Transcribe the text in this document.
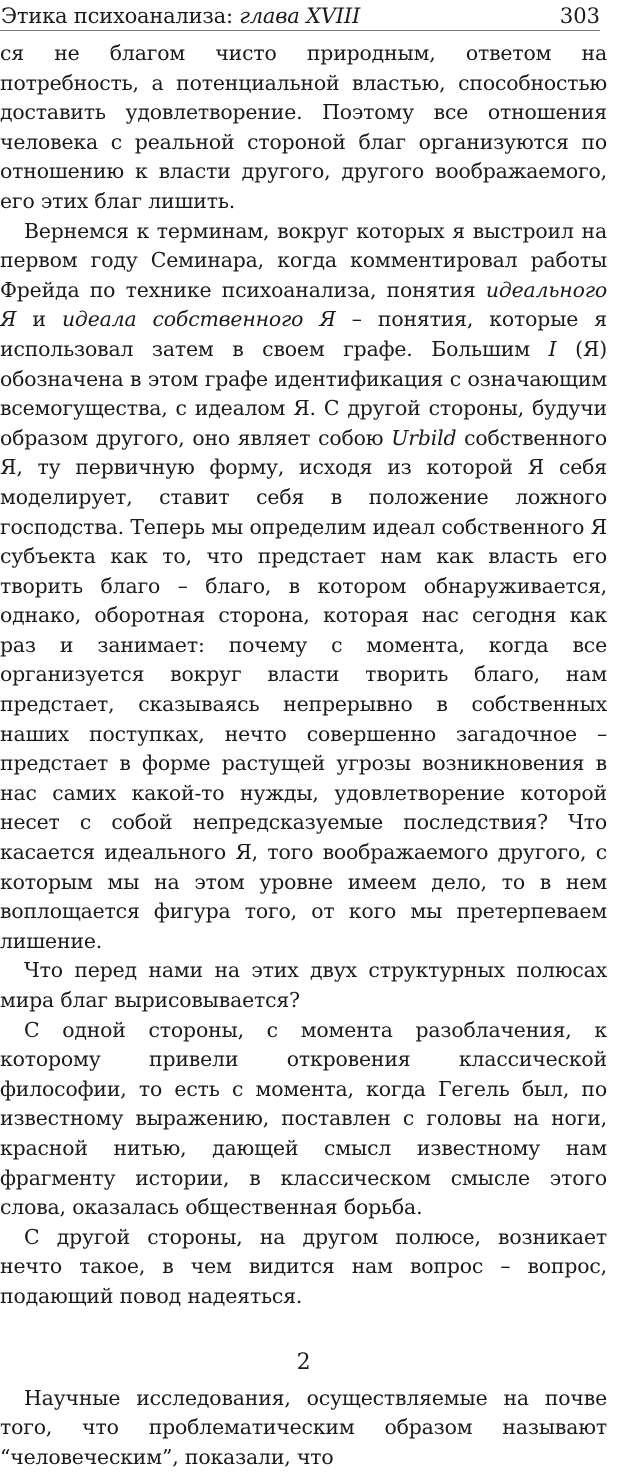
Этика психоанализа: глава XVIII	303

ся не благом чисто природным, ответом на потребность, а потенциальной властью, способностью доставить удовлетворение. Поэтому все отношения человека с реальной стороной благ организуются по отношению к власти другого, другого воображаемого, его этих благ лишить.

Вернемся к терминам, вокруг которых я выстроил на первом году Семинара, когда комментировал работы Фрейда по технике психоанализа, понятия идеального Я и идеала собственного Я – понятия, которые я использовал затем в своем графе. Большим I (Я) обозначена в этом графе идентификация с означающим всемогущества, с идеалом Я. С другой стороны, будучи образом другого, оно являет собою Urbild собственного Я, ту первичную форму, исходя из которой Я себя моделирует, ставит себя в положение ложного господства. Теперь мы определим идеал собственного Я субъекта как то, что предстает нам как власть его творить благо – благо, в котором обнаруживается, однако, оборотная сторона, которая нас сегодня как раз и занимает: почему с момента, когда все организуется вокруг власти творить благо, нам предстает, сказываясь непрерывно в собственных наших поступках, нечто совершенно загадочное – предстает в форме растущей угрозы возникновения в нас самих какой-то нужды, удовлетворение которой несет с собой непредсказуемые последствия? Что касается идеального Я, того воображаемого другого, с которым мы на этом уровне имеем дело, то в нем воплощается фигура того, от кого мы претерпеваем лишение.

Что перед нами на этих двух структурных полюсах мира благ вырисовывается?

С одной стороны, с момента разоблачения, к которому привели откровения классической философии, то есть с момента, когда Гегель был, по известному выражению, поставлен с головы на ноги, красной нитью, дающей смысл известному нам фрагменту истории, в классическом смысле этого слова, оказалась общественная борьба.

С другой стороны, на другом полюсе, возникает нечто такое, в чем видится нам вопрос – вопрос, подающий повод надеяться.

2

Научные исследования, осуществляемые на почве того, что проблематическим образом называют “человеческим”, показали, что
